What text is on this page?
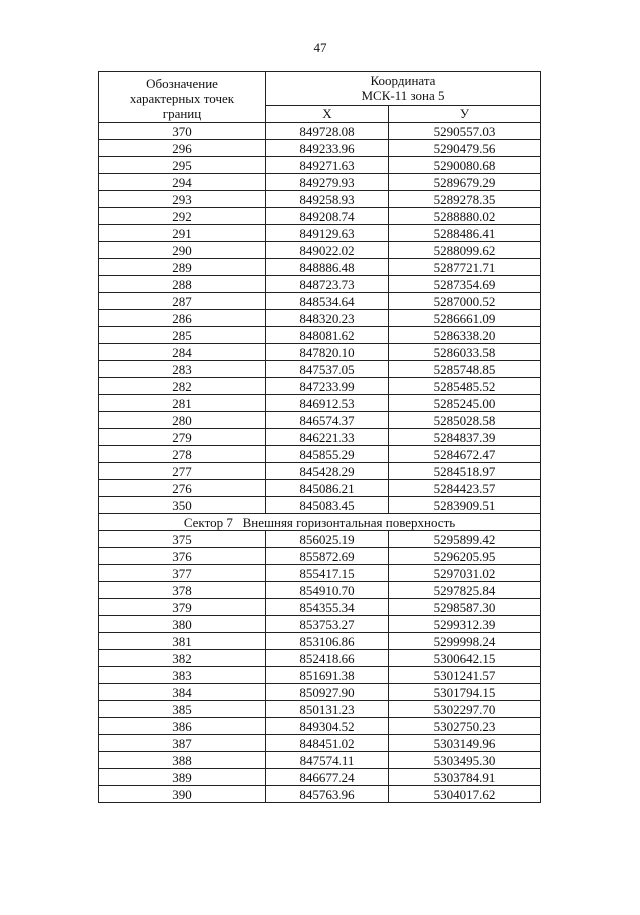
47
Обозначение характерных точек границ	Координата
МСК-11 зона 5	

	Х	У
370	849728.08	5290557.03
296	849233.96	5290479.56
295	849271.63	5290080.68
294	849279.93	5289679.29
293	849258.93	5289278.35
292	849208.74	5288880.02
291	849129.63	5288486.41
290	849022.02	5288099.62
289	848886.48	5287721.71
288	848723.73	5287354.69
287	848534.64	5287000.52
286	848320.23	5286661.09
285	848081.62	5286338.20
284	847820.10	5286033.58
283	847537.05	5285748.85
282	847233.99	5285485.52
281	846912.53	5285245.00
280	846574.37	5285028.58
279	846221.33	5284837.39
278	845855.29	5284672.47
277	845428.29	5284518.97
276	845086.21	5284423.57
350	845083.45	5283909.51
Сектор 7   Внешняя горизонтальная поверхность		
375	856025.19	5295899.42
376	855872.69	5296205.95
377	855417.15	5297031.02
378	854910.70	5297825.84
379	854355.34	5298587.30
380	853753.27	5299312.39
381	853106.86	5299998.24
382	852418.66	5300642.15
383	851691.38	5301241.57
384	850927.90	5301794.15
385	850131.23	5302297.70
386	849304.52	5302750.23
387	848451.02	5303149.96
388	847574.11	5303495.30
389	846677.24	5303784.91
390	845763.96	5304017.62
